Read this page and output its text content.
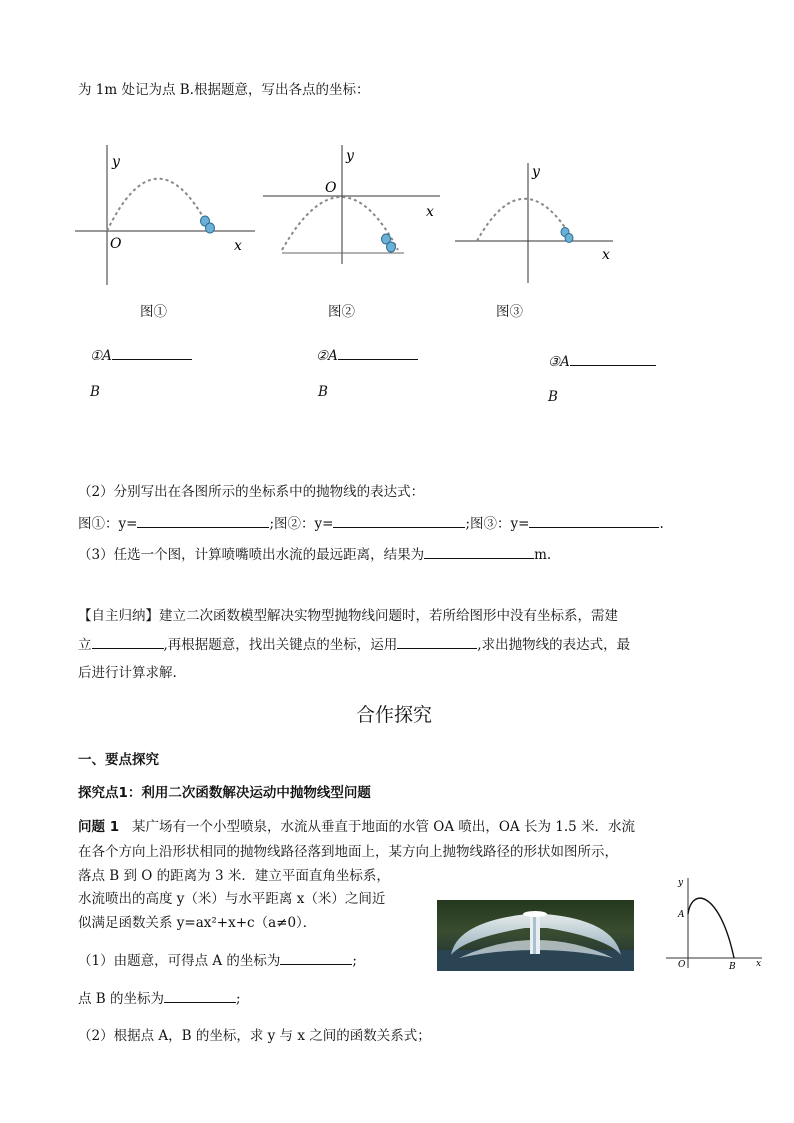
为 1m 处记为点 B.根据题意，写出各点的坐标：
y
O	x
图①
y
O
x
图②
y
x
图③
①A	②A	③A
B	B	B
（2）分别写出在各图所示的坐标系中的抛物线的表达式：
图①：y=	;图②：y=	;图③：y=	.
（3）任选一个图，计算喷嘴喷出水流的最远距离，结果为	m.
【自主归纳】建立二次函数模型解决实物型抛物线问题时，若所给图形中没有坐标系，需建
立	,再根据题意，找出关键点的坐标，运用	,求出抛物线的表达式，最
后进行计算求解.
合作探究
一、要点探究
探究点1：利用二次函数解决运动中抛物线型问题
问题 1 某广场有一个小型喷泉，水流从垂直于地面的水管 OA 喷出，OA 长为 1.5 米．水流
在各个方向上沿形状相同的抛物线路径落到地面上，某方向上抛物线路径的形状如图所示，
落点 B 到 O 的距离为 3 米．建立平面直角坐标系，
水流喷出的高度 y（米）与水平距离 x（米）之间近
似满足函数关系 y=ax²+x+c（a≠0）．
（1）由题意，可得点 A 的坐标为	;
点 B 的坐标为	;
（2）根据点 A，B 的坐标，求 y 与 x 之间的函数关系式；
y
x
A
O	B
